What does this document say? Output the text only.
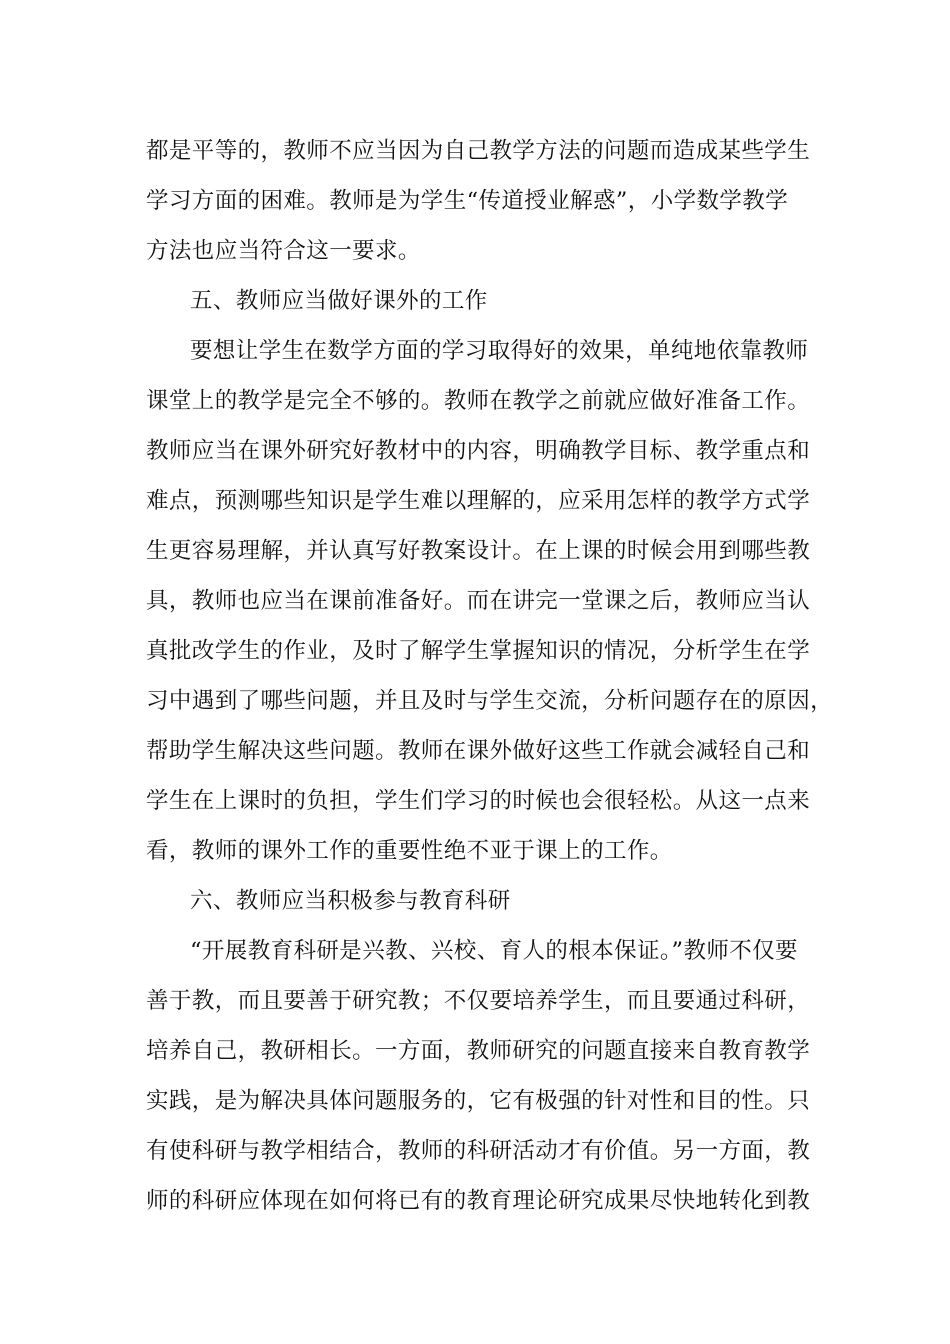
都是平等的，教师不应当因为自己教学方法的问题而造成某些学生
学习方面的困难。教师是为学生“传道授业解惑”，小学数学教学
方法也应当符合这一要求。
五、教师应当做好课外的工作
要想让学生在数学方面的学习取得好的效果，单纯地依靠教师
课堂上的教学是完全不够的。教师在教学之前就应做好准备工作。
教师应当在课外研究好教材中的内容，明确教学目标、教学重点和
难点，预测哪些知识是学生难以理解的，应采用怎样的教学方式学
生更容易理解，并认真写好教案设计。在上课的时候会用到哪些教
具，教师也应当在课前准备好。而在讲完一堂课之后，教师应当认
真批改学生的作业，及时了解学生掌握知识的情况，分析学生在学
习中遇到了哪些问题，并且及时与学生交流，分析问题存在的原因，
帮助学生解决这些问题。教师在课外做好这些工作就会减轻自己和
学生在上课时的负担，学生们学习的时候也会很轻松。从这一点来
看，教师的课外工作的重要性绝不亚于课上的工作。
六、教师应当积极参与教育科研
“开展教育科研是兴教、兴校、育人的根本保证。”教师不仅要
善于教，而且要善于研究教；不仅要培养学生，而且要通过科研，
培养自己，教研相长。一方面，教师研究的问题直接来自教育教学
实践，是为解决具体问题服务的，它有极强的针对性和目的性。只
有使科研与教学相结合，教师的科研活动才有价值。另一方面，教
师的科研应体现在如何将已有的教育理论研究成果尽快地转化到教
